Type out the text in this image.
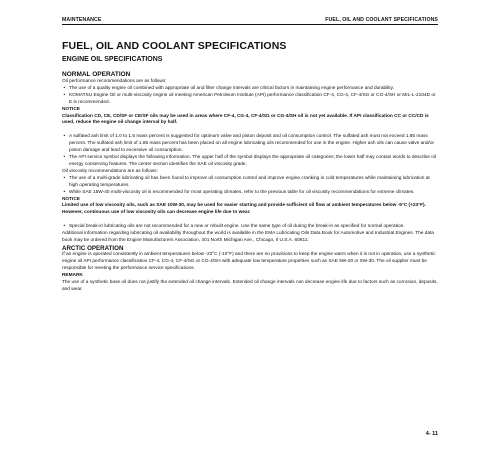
MAINTENANCE	FUEL, OIL AND COOLANT SPECIFICATIONS
FUEL, OIL AND COOLANT SPECIFICATIONS
ENGINE OIL SPECIFICATIONS

NORMAL OPERATION

Oil performance recommendations are as follows:

• The use of a quality engine oil combined with appropriate oil and filter change intervals are critical factors in maintaining engine performance and durability.
• KOMATSU Engine Oil or multi-viscosity engine oil meeting American Petroleum Institute (API) performance classification CF-4, CG-4, CF-4/SG or CG-4/SH or MIL-L-2104D or E is recommended.

NOTICE

Classification CD, CE, CD/SF or CE/SF oils may be used in areas where CF-4, CG-4, CF-4/SG or CG-4/SH oil is not yet available. If API classification CC or CC/CD is used, reduce the engine oil change interval by half.

• A sulfated ash limit of 1.0 to 1.5 mass percent is suggested for optimum valve and piston deposit and oil consumption control. The sulfated ash must not exceed 1.85 mass percent. The sulfated ash limit of 1.85 mass percent has been placed on all engine lubricating oils recommended for use in the engine. Higher ash oils can cause valve and/or piston damage and lead to excessive oil consumption.
• The API service symbol displays the following information. The upper half of the symbol displays the appropriate oil categories; the lower half may contain words to describe oil energy conserving features. The center section identifies the SAE oil viscosity grade.

Oil viscosity recommendations are as follows:

• The use of a multi-grade lubricating oil has been found to improve oil consumption control and improve engine cranking in cold temperatures while maintaining lubrication at high operating temperatures.
• While SAE 15W-40 multi-viscosity oil is recommended for most operating climates, refer to the previous table for oil viscosity recommendations for extreme climates.

NOTICE

Limited use of low viscosity oils, such as SAE 10W-30, may be used for easier starting and provide sufficient oil flow at ambient temperatures below -5°C (+23°F). However, continuous use of low viscosity oils can decrease engine life due to wear.

• Special break-in lubricating oils are not recommended for a new or rebuilt engine. Use the same type of oil during the break-in as specified for normal operation.

Additional information regarding lubricating oil availability throughout the world is available in the EMA Lubricating Oils Data Book for Automotive and Industrial Engines. The data book may be ordered from the Engine Manufacturers Association, 401 North Michigan Ave., Chicago, Il U.S.A. 60611.

ARCTIC OPERATION

If an engine is operated consistently in ambient temperatures below -23°C (-10°F) and there are no provisions to keep the engine warm when it is not in operation, use a synthetic engine oil API performance classification CF-4, CG-4, CF-4/SG or CG-4/SH with adequate low temperature properties such as SAE 5W-20 or 5W-30. The oil supplier must be responsible for meeting the performance service specifications.

REMARK

The use of a synthetic base oil does not justify the extended oil change intervals. Extended oil change intervals can decrease engine life due to factors such as corrosion, deposits, and wear.

4- 11
